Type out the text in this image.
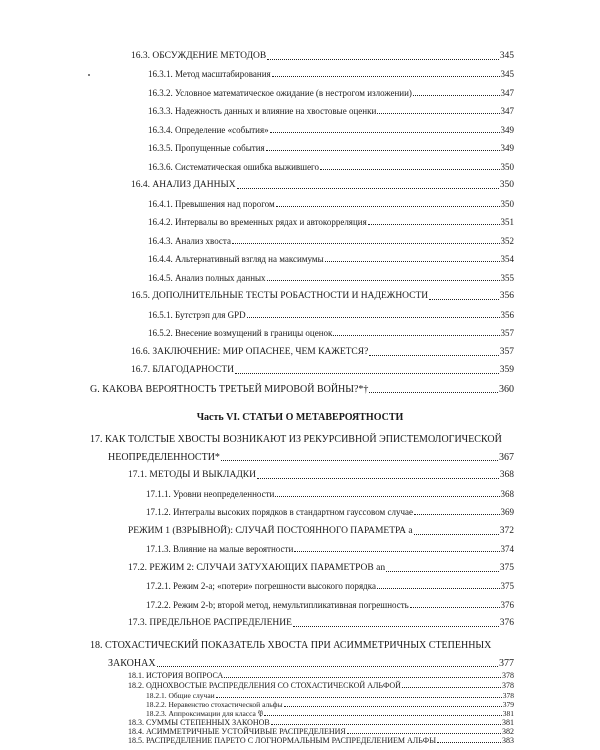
16.3. ОБСУЖДЕНИЕ МЕТОДОВ	345
16.3.1. Метод масштабирования	345
16.3.2. Условное математическое ожидание (в нестрогом изложении)	347
16.3.3. Надежность данных и влияние на хвостовые оценки	347
16.3.4. Определение «события»	349
16.3.5. Пропущенные события	349
16.3.6. Систематическая ошибка выжившего	350
16.4. АНАЛИЗ ДАННЫХ	350
16.4.1. Превышения над порогом	350
16.4.2. Интервалы во временных рядах и автокорреляция	351
16.4.3. Анализ хвоста	352
16.4.4. Альтернативный взгляд на максимумы	354
16.4.5. Анализ полных данных	355
16.5. ДОПОЛНИТЕЛЬНЫЕ ТЕСТЫ РОБАСТНОСТИ И НАДЕЖНОСТИ	356
16.5.1. Бутстрэп для GPD	356
16.5.2. Внесение возмущений в границы оценок	357
16.6. ЗАКЛЮЧЕНИЕ: МИР ОПАСНЕЕ, ЧЕМ КАЖЕТСЯ?	357
16.7. БЛАГОДАРНОСТИ	359
G. КАКОВА ВЕРОЯТНОСТЬ ТРЕТЬЕЙ МИРОВОЙ ВОЙНЫ?*†	360
Часть VI. СТАТЬИ О МЕТАВЕРОЯТНОСТИ
17. КАК ТОЛСТЫЕ ХВОСТЫ ВОЗНИКАЮТ ИЗ РЕКУРСИВНОЙ ЭПИСТЕМОЛОГИЧЕСКОЙ
НЕОПРЕДЕЛЕННОСТИ*	367
17.1. МЕТОДЫ И ВЫКЛАДКИ	368
17.1.1. Уровни неопределенности	368
17.1.2. Интегралы высоких порядков в стандартном гауссовом случае	369
РЕЖИМ 1 (ВЗРЫВНОЙ): СЛУЧАЙ ПОСТОЯННОГО ПАРАМЕТРА a	372
17.1.3. Влияние на малые вероятности	374
17.2. РЕЖИМ 2: СЛУЧАИ ЗАТУХАЮЩИХ ПАРАМЕТРОВ an	375
17.2.1. Режим 2-а; «потери» погрешности высокого порядка	375
17.2.2. Режим 2-b; второй метод, немультипликативная погрешность	376
17.3. ПРЕДЕЛЬНОЕ РАСПРЕДЕЛЕНИЕ	376
18. СТОХАСТИЧЕСКИЙ ПОКАЗАТЕЛЬ ХВОСТА ПРИ АСИММЕТРИЧНЫХ СТЕПЕННЫХ
ЗАКОНАХ	377
18.1. ИСТОРИЯ ВОПРОСА	378
18.2. ОДНОХВОСТЫЕ РАСПРЕДЕЛЕНИЯ СО СТОХАСТИЧЕСКОЙ АЛЬФОЙ	378
18.2.1. Общие случаи	378
18.2.2. Неравенство стохастической альфы	379
18.2.3. Аппроксимации для класса 𝔓	381
18.3. СУММЫ СТЕПЕННЫХ ЗАКОНОВ	381
18.4. АСИММЕТРИЧНЫЕ УСТОЙЧИВЫЕ РАСПРЕДЕЛЕНИЯ	382
18.5. РАСПРЕДЕЛЕНИЕ ПАРЕТО С ЛОГНОРМАЛЬНЫМ РАСПРЕДЕЛЕНИЕМ АЛЬФЫ	383
18.6. РАСПРЕДЕЛЕНИЕ ПАРЕТО С ГАММА-РАСПРЕДЕЛЕНИЕМ АЛЬФЫ	384
18.7. ОГРАНИЧЕННЫЙ СТЕПЕННОЙ ЗАКОН В РАБОТЕ ЧИРИЛЛО И ТАЛЕБА (2016)	385
18.8. ДОПОЛНИТЕЛЬНЫЕ КОММЕНТАРИИ	386
18.9. БЛАГОДАРНОСТИ	386
19. МЕТАРАСПРЕДЕЛЕНИЕ p-ЗНАЧЕНИЙ И p-ХАКИНГ	387
19.1. ДОКАЗАТЕЛЬСТВА И ВЫВОД ФОРМУЛ	389
19.2. ОБРАТНАЯ МОЩНОСТЬ ТЕСТА	393
19.3. ПРИЛОЖЕНИЕ И ВЫВОДЫ	394
БЛАГОДАРНОСТИ	395
